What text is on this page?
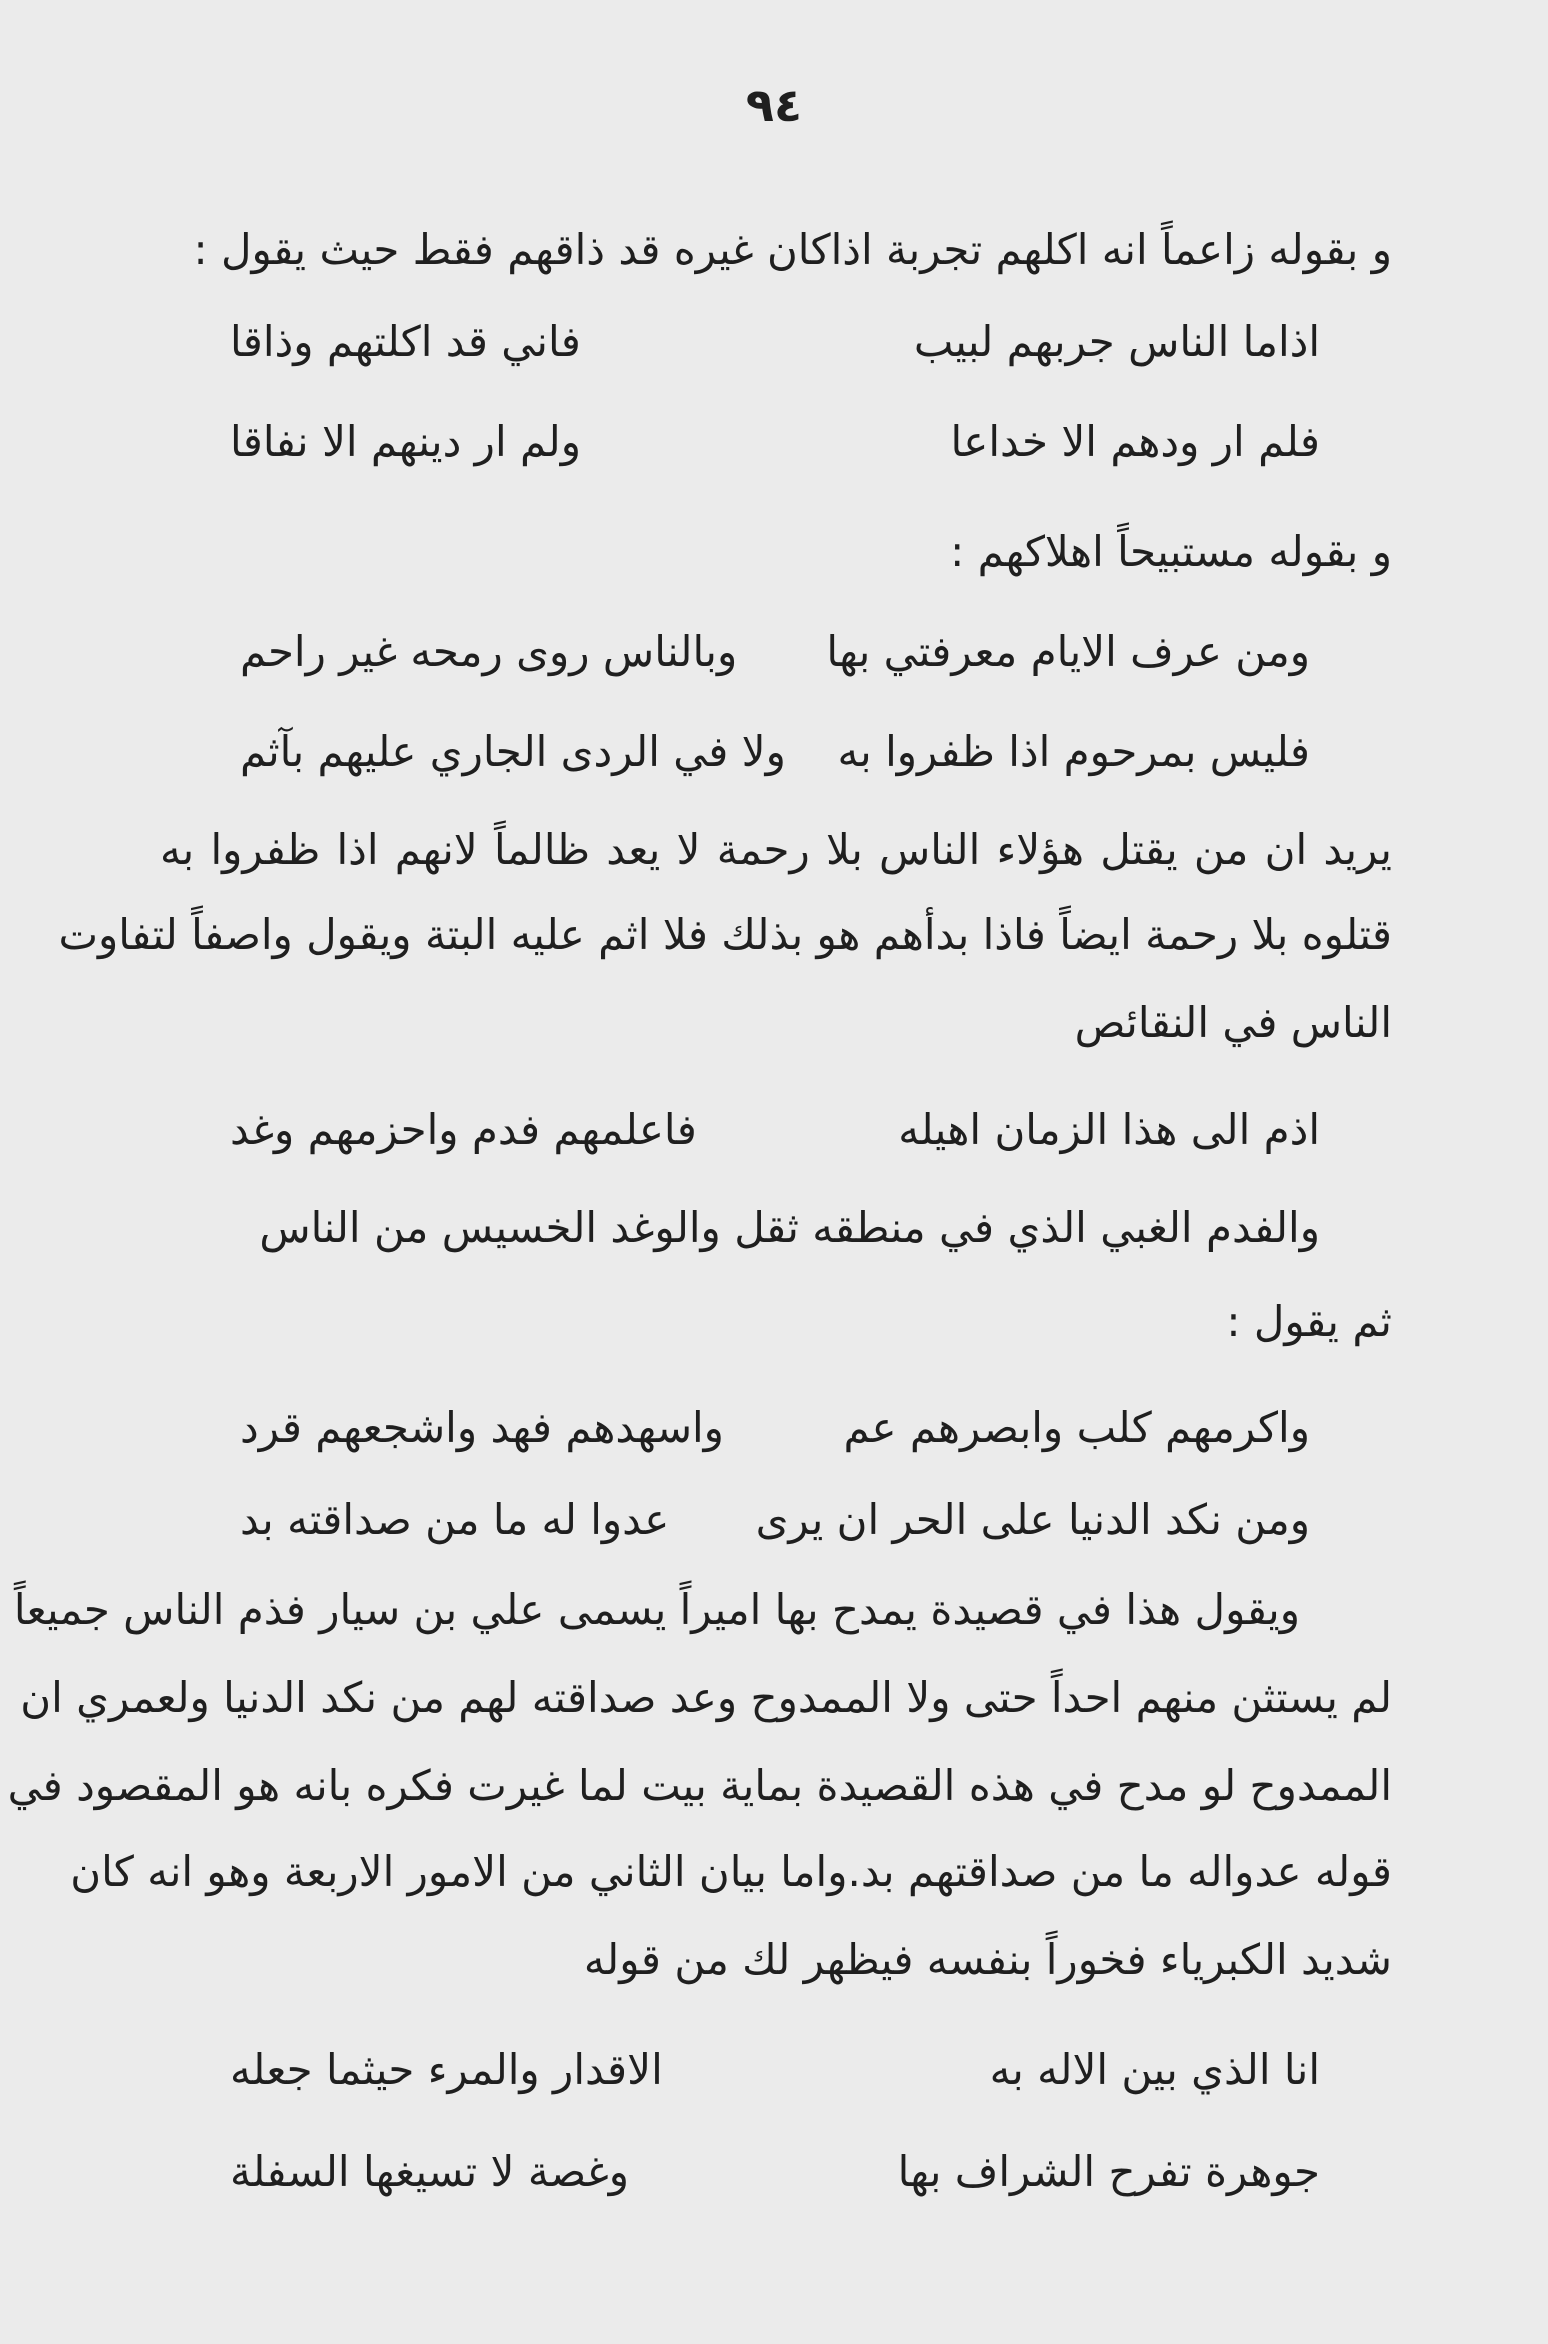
٩٤
و بقوله زاعماً انه اكلهم تجربة اذاكان غيره قد ذاقهم فقط حيث يقول :
اذاما الناس جربهم لبيب
فاني قد اكلتهم وذاقا
فلم ار ودهم الا خداعا
ولم ار دينهم الا نفاقا
و بقوله مستبيحاً اهلاكهم :
ومن عرف الايام معرفتي بها
وبالناس روى رمحه غير راحم
فليس بمرحوم اذا ظفروا به
ولا في الردى الجاري عليهم بآثم
يريد ان من يقتل هؤلاء الناس بلا رحمة لا يعد ظالماً لانهم اذا ظفروا به
قتلوه بلا رحمة ايضاً فاذا بدأهم هو بذلك فلا اثم عليه البتة ويقول واصفاً لتفاوت
الناس في النقائص
اذم الى هذا الزمان اهيله
فاعلمهم فدم واحزمهم وغد
والفدم الغبي الذي في منطقه ثقل والوغد الخسيس من الناس
ثم يقول :
واكرمهم كلب وابصرهم عم
واسهدهم فهد واشجعهم قرد
ومن نكد الدنيا على الحر ان يرى
عدوا له ما من صداقته بد
ويقول هذا في قصيدة يمدح بها اميراً يسمى علي بن سيار فذم الناس جميعاً
لم يستثن منهم احداً حتى ولا الممدوح وعد صداقته لهم من نكد الدنيا ولعمري ان
الممدوح لو مدح في هذه القصيدة بماية بيت لما غيرت فكره بانه هو المقصود في
قوله عدواله ما من صداقتهم بد.واما بيان الثاني من الامور الاربعة وهو انه كان
شديد الكبرياء فخوراً بنفسه فيظهر لك من قوله
انا الذي بين الاله به
الاقدار والمرء حيثما جعله
جوهرة تفرح الشراف بها
وغصة لا تسيغها السفلة
